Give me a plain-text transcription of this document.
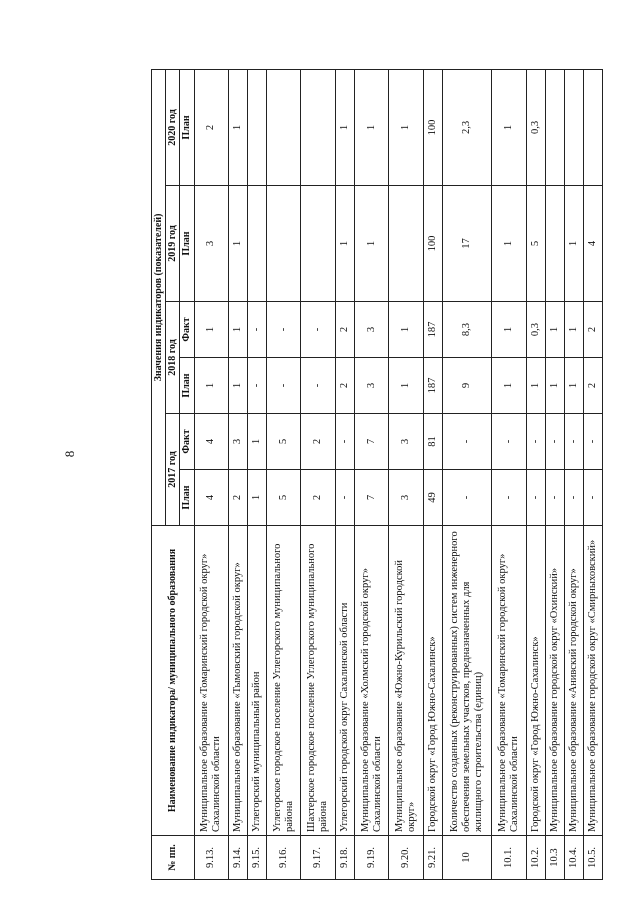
8
№ пп.	Наименование индикатора/ муниципального образования	Значения индикаторов (показателей)					
		2017 год		2018 год		2019 год	2020 год
		План	Факт	План	Факт	План	План
9.13.	Муниципальное образование «Томаринский городской округ» Сахалинской области	4	4	1	1	3	2
9.14.	Муниципальное образование «Тымовский городской округ»	2	3	1	1	1	1
9.15.	Углегорский муниципальный район	1	1	-	-		
9.16.	Углегорское городское поселение Углегорского муниципального района	5	5	-	-		
9.17.	Шахтерское городское поселение Углегорского муниципального района	2	2	-	-		
9.18.	Углегорский городской округ Сахалинской области	-	-	2	2	1	1
9.19.	Муниципальное образование «Холмский городской округ» Сахалинской области	7	7	3	3	1	1
9.20.	Муниципальное образование «Южно-Курильский городской округ»	3	3	1	1		1
9.21.	Городской округ «Город Южно-Сахалинск»	49	81	187	187	100	100
10	Количество созданных (реконструированных) систем инженерного обеспечения земельных участков, предназначенных для жилищного строительства (единиц)	-	-	9	8,3	17	2,3
10.1.	Муниципальное образование «Томаринский городской округ» Сахалинской области	-	-	1	1	1	1
10.2.	Городской округ «Город Южно-Сахалинск»	-	-	1	0,3	5	0,3
10.3	Муниципальное образование городской округ «Охинский»	-	-	1	1		
10.4.	Муниципальное образование «Анивский городской округ»	-	-	1	1	1	
10.5.	Муниципальное образование городской округ «Смирныховский»	-	-	2	2	4	
